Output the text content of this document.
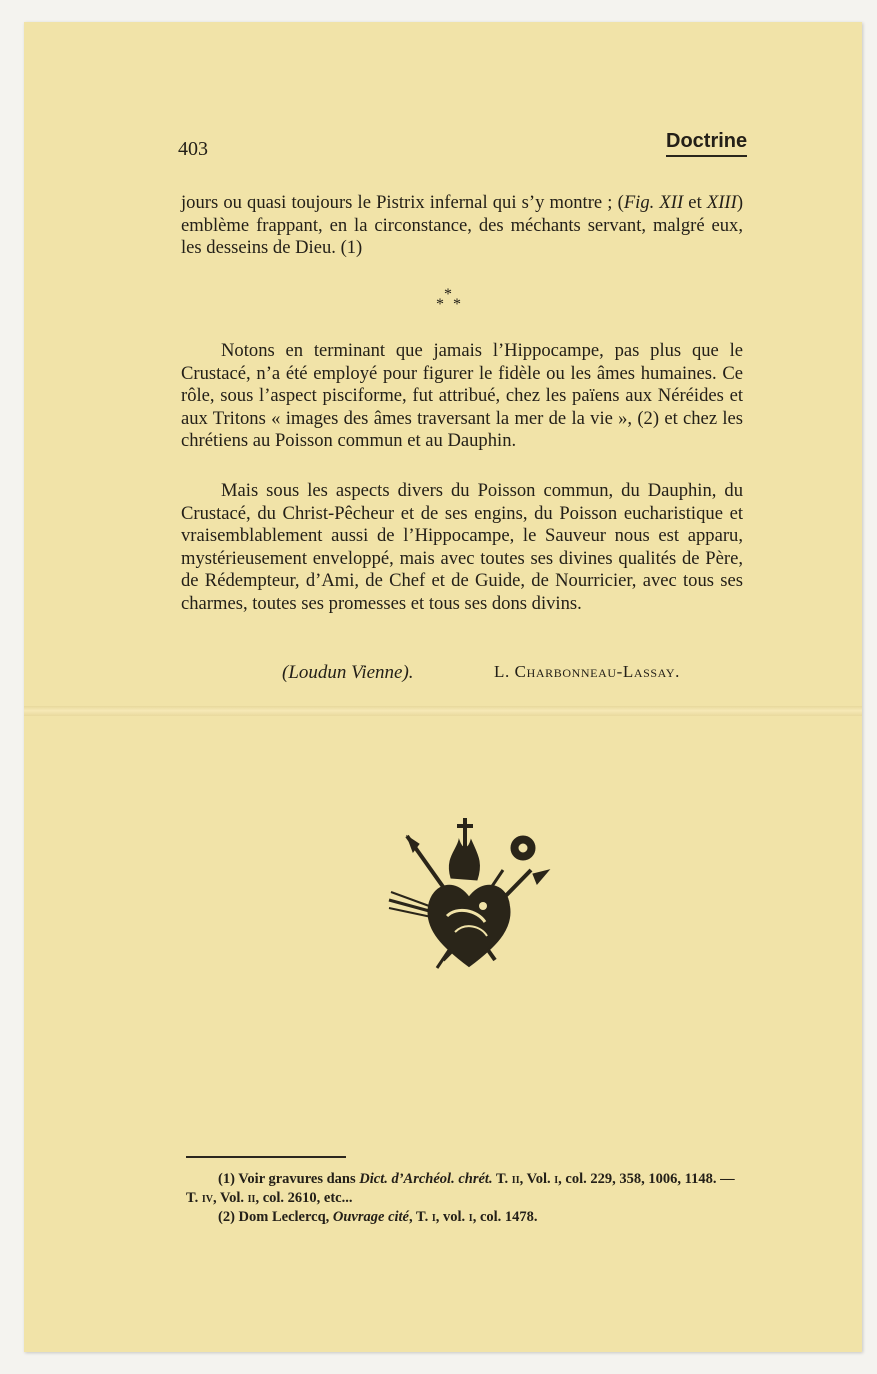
403	Doctrine
jours ou quasi toujours le Pistrix infernal qui s’y montre ; (Fig. XII et XIII) emblème frappant, en la circonstance, des méchants servant, malgré eux, les desseins de Dieu. (1)
*
* *
Notons en terminant que jamais l’Hippocampe, pas plus que le Crustacé, n’a été employé pour figurer le fidèle ou les âmes humaines. Ce rôle, sous l’aspect pisciforme, fut attribué, chez les païens aux Néréides et aux Tritons « images des âmes traversant la mer de la vie », (2) et chez les chrétiens au Poisson commun et au Dauphin.
Mais sous les aspects divers du Poisson commun, du Dauphin, du Crustacé, du Christ-Pêcheur et de ses engins, du Poisson eucharistique et vraisemblablement aussi de l’Hippocampe, le Sauveur nous est apparu, mystérieusement enveloppé, mais avec toutes ses divines qualités de Père, de Rédempteur, d’Ami, de Chef et de Guide, de Nourricier, avec tous ses charmes, toutes ses promesses et tous ses dons divins.
(Loudun Vienne).	L. Charbonneau-Lassay.

(1) Voir gravures dans Dict. d’Archéol. chrét. T. ii, Vol. i, col. 229, 358, 1006, 1148. — T. iv, Vol. ii, col. 2610, etc...

(2) Dom Leclercq, Ouvrage cité, T. i, vol. i, col. 1478.
